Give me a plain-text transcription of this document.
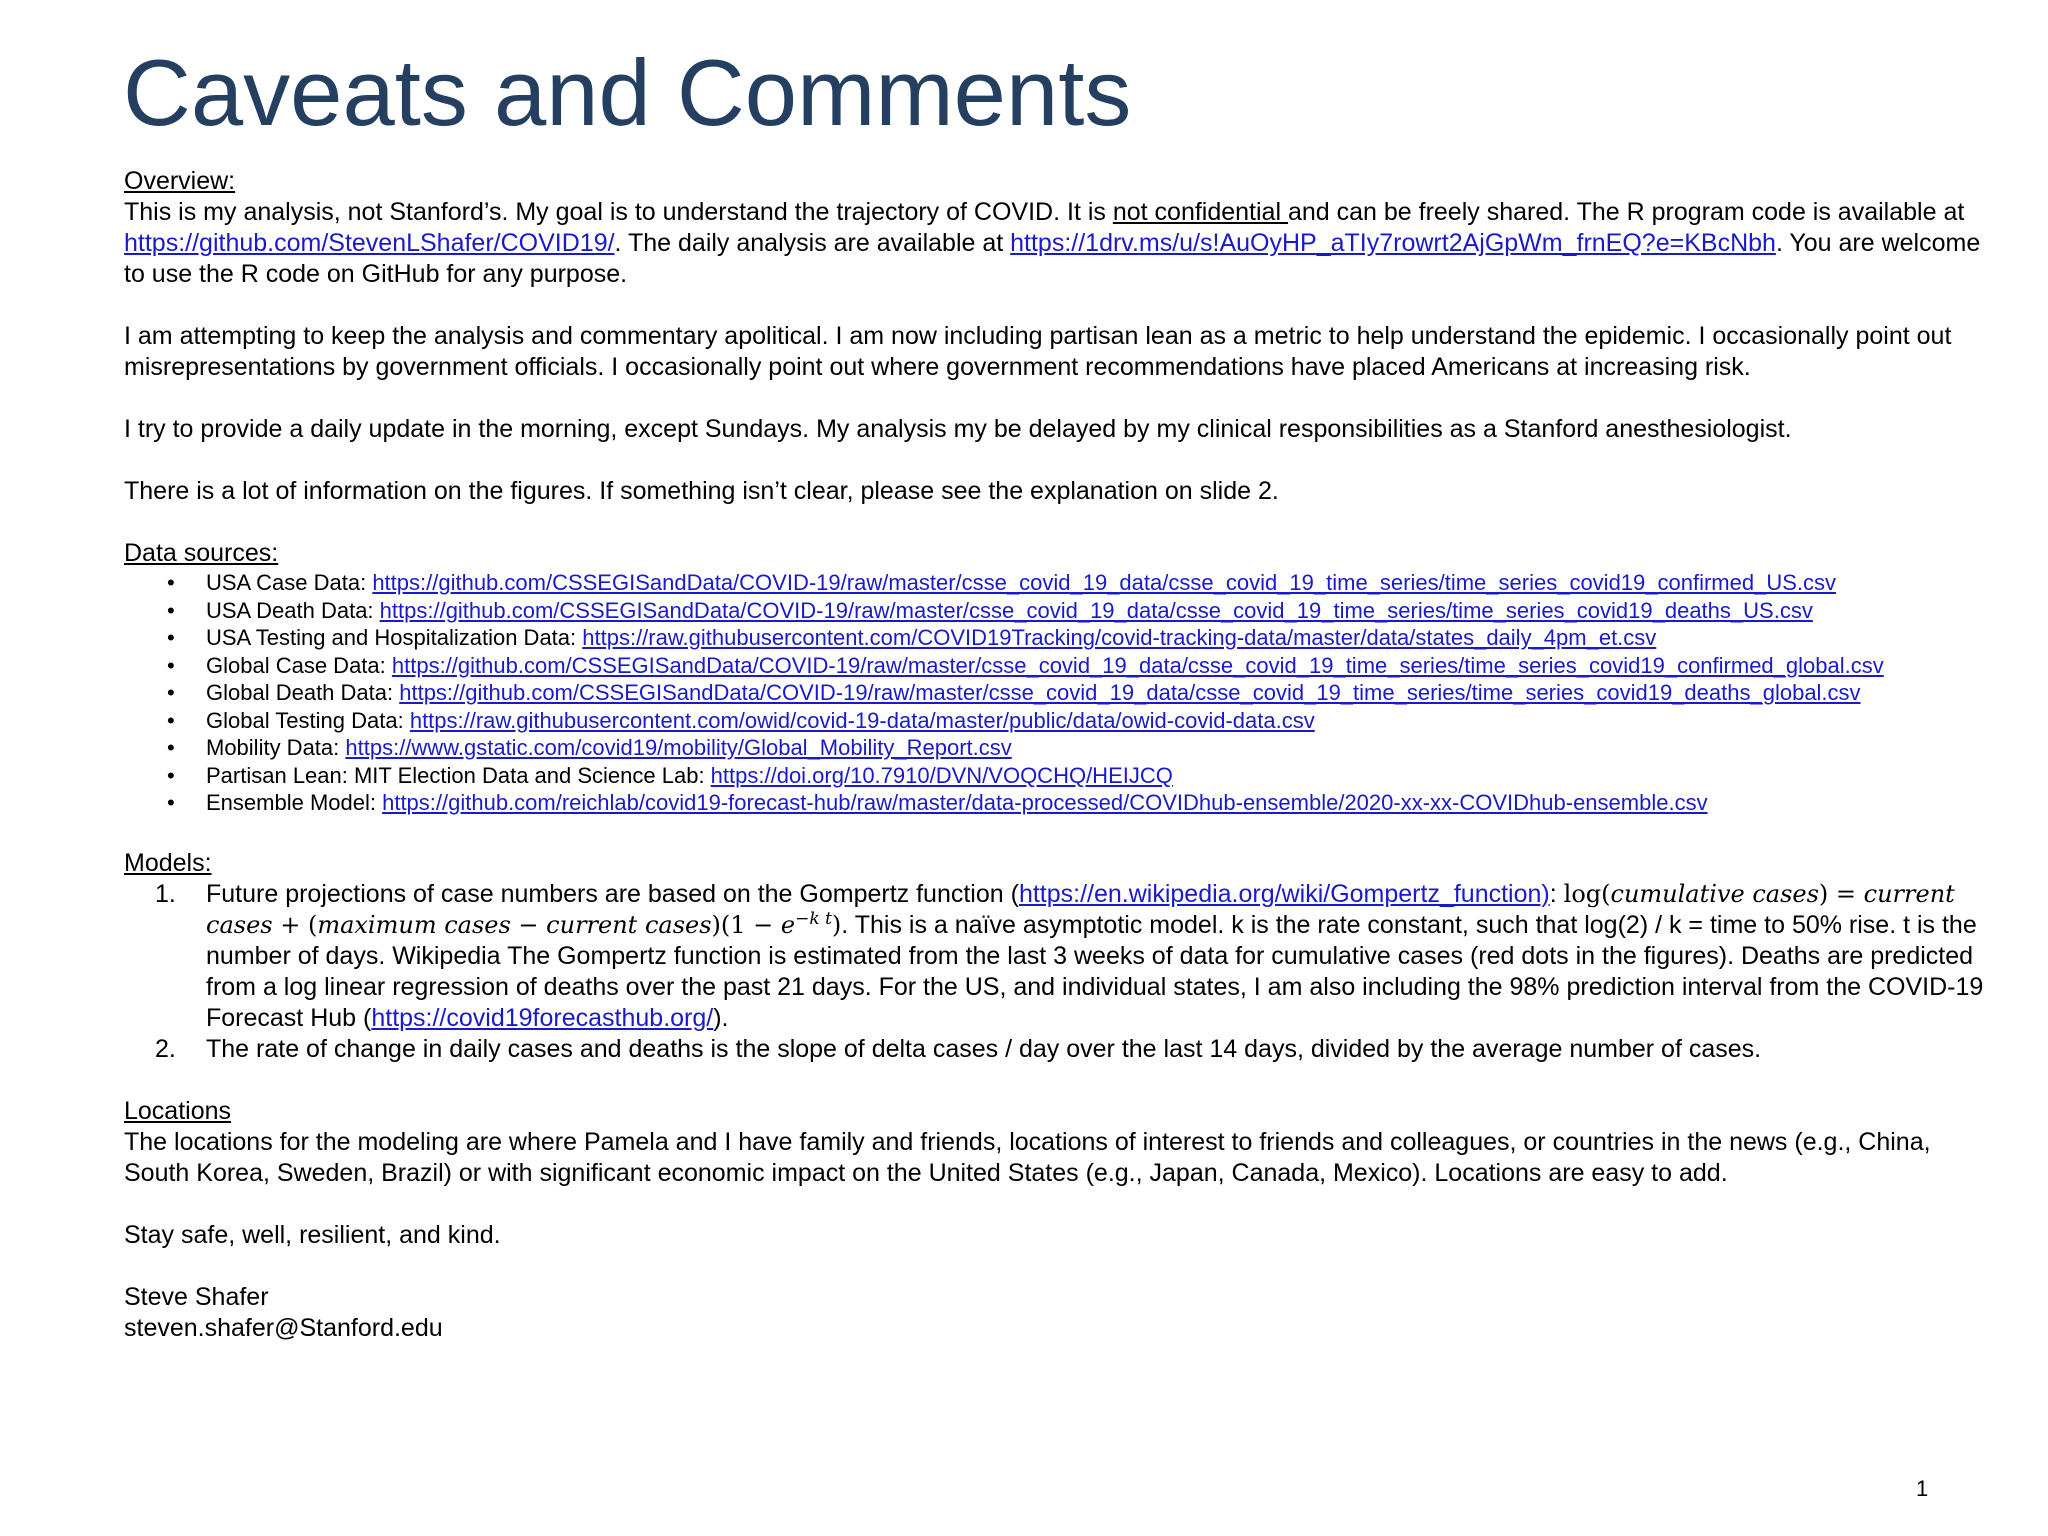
Caveats and Comments
Overview:
This is my analysis, not Stanford’s. My goal is to understand the trajectory of COVID. It is not confidential and can be freely shared. The R program code is available at https://github.com/StevenLShafer/COVID19/. The daily analysis are available at https://1drv.ms/u/s!AuOyHP_aTIy7rowrt2AjGpWm_frnEQ?e=KBcNbh. You are welcome to use the R code on GitHub for any purpose.
I am attempting to keep the analysis and commentary apolitical. I am now including partisan lean as a metric to help understand the epidemic. I occasionally point out misrepresentations by government officials. I occasionally point out where government recommendations have placed Americans at increasing risk.
I try to provide a daily update in the morning, except Sundays. My analysis my be delayed by my clinical responsibilities as a Stanford anesthesiologist.
There is a lot of information on the figures. If something isn’t clear, please see the explanation on slide 2.
Data sources:
• USA Case Data: https://github.com/CSSEGISandData/COVID-19/raw/master/csse_covid_19_data/csse_covid_19_time_series/time_series_covid19_confirmed_US.csv
• USA Death Data: https://github.com/CSSEGISandData/COVID-19/raw/master/csse_covid_19_data/csse_covid_19_time_series/time_series_covid19_deaths_US.csv
• USA Testing and Hospitalization Data: https://raw.githubusercontent.com/COVID19Tracking/covid-tracking-data/master/data/states_daily_4pm_et.csv
• Global Case Data: https://github.com/CSSEGISandData/COVID-19/raw/master/csse_covid_19_data/csse_covid_19_time_series/time_series_covid19_confirmed_global.csv
• Global Death Data: https://github.com/CSSEGISandData/COVID-19/raw/master/csse_covid_19_data/csse_covid_19_time_series/time_series_covid19_deaths_global.csv
• Global Testing Data: https://raw.githubusercontent.com/owid/covid-19-data/master/public/data/owid-covid-data.csv
• Mobility Data: https://www.gstatic.com/covid19/mobility/Global_Mobility_Report.csv
• Partisan Lean: MIT Election Data and Science Lab: https://doi.org/10.7910/DVN/VOQCHQ/HEIJCQ
• Ensemble Model: https://github.com/reichlab/covid19-forecast-hub/raw/master/data-processed/COVIDhub-ensemble/2020-xx-xx-COVIDhub-ensemble.csv
Models:
1. Future projections of case numbers are based on the Gompertz function (https://en.wikipedia.org/wiki/Gompertz_function): log(cumulative cases) = current cases + (maximum cases − current cases)(1 − $e^{-k t}$). This is a naïve asymptotic model. k is the rate constant, such that log(2) / k = time to 50% rise. t is the number of days. Wikipedia The Gompertz function is estimated from the last 3 weeks of data for cumulative cases (red dots in the figures). Deaths are predicted from a log linear regression of deaths over the past 21 days. For the US, and individual states, I am also including the 98% prediction interval from the COVID-19 Forecast Hub (https://covid19forecasthub.org/).
2. The rate of change in daily cases and deaths is the slope of delta cases / day over the last 14 days, divided by the average number of cases.
Locations
The locations for the modeling are where Pamela and I have family and friends, locations of interest to friends and colleagues, or countries in the news (e.g., China, South Korea, Sweden, Brazil) or with significant economic impact on the United States (e.g., Japan, Canada, Mexico). Locations are easy to add.
Stay safe, well, resilient, and kind.
Steve Shafer
steven.shafer@Stanford.edu
1
